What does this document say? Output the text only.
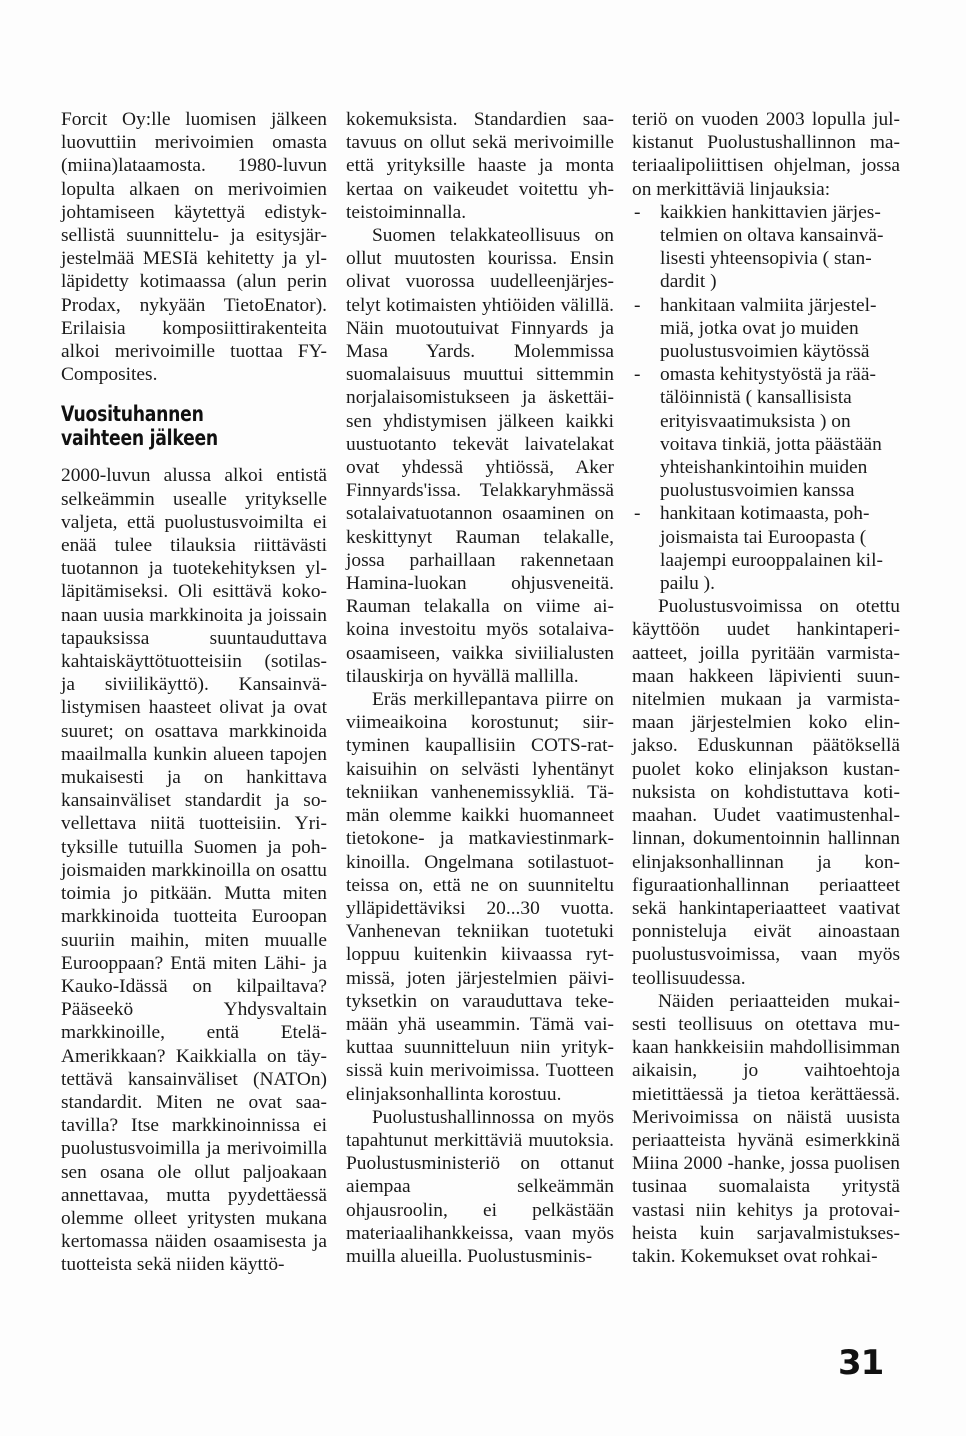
Forcit Oy:lle luomisen jälkeen luovuttiin merivoimien omasta (miina)lataamosta. 1980-luvun lopulta alkaen on merivoimien johtamiseen käytettyä edistyksellistä suunnittelu- ja esitysjärjestelmää MESIä kehitetty ja ylläpidetty kotimaassa (alun perin Prodax, nykyään TietoEnator). Erilaisia komposiittirakenteita alkoi merivoimille tuottaa FY-Composites.

Vuosituhannen vaihteen jälkeen

2000-luvun alussa alkoi entistä selkeämmin usealle yritykselle valjeta, että puolustusvoimilta ei enää tulee tilauksia riittävästi tuotannon ja tuotekehityksen ylläpitämiseksi. Oli esittävä kokonaan uusia markkinoita ja joissain tapauksissa suuntauduttava kahtaiskäyttötuotteisiin (sotilas- ja siviilikäyttö). Kansainvälistymisen haasteet olivat ja ovat suuret; on osattava markkinoida maailmalla kunkin alueen tapojen mukaisesti ja on hankittava kansainväliset standardit ja sovellettava niitä tuotteisiin. Yrityksille tutuilla Suomen ja pohjoismaiden markkinoilla on osattu toimia jo pitkään. Mutta miten markkinoida tuotteita Euroopan suuriin maihin, miten muualle Eurooppaan? Entä miten Lähi- ja Kauko-Idässä on kilpailtava? Pääseekö Yhdysvaltain markkinoille, entä Etelä-Amerikkaan? Kaikkialla on täytettävä kansainväliset (NATOn) standardit. Miten ne ovat saatavilla? Itse markkinoinnissa ei puolustusvoimilla ja merivoimilla sen osana ole ollut paljoakaan annettavaa, mutta pyydettäessä olemme olleet yritysten mukana kertomassa näiden osaamisesta ja tuotteista sekä niiden käyttö-

kokemuksista. Standardien saatavuus on ollut sekä merivoimille että yrityksille haaste ja monta kertaa on vaikeudet voitettu yhteistoiminnalla.

Suomen telakkateollisuus on ollut muutosten kourissa. Ensin olivat vuorossa uudelleenjärjestelyt kotimaisten yhtiöiden välillä. Näin muotoutuivat Finnyards ja Masa Yards. Molemmissa suomalaisuus muuttui sittemmin norjalaisomistukseen ja äskettäisen yhdistymisen jälkeen kaikki uustuotanto tekevät laivatelakat ovat yhdessä yhtiössä, Aker Finnyards'issa. Telakkaryhmässä sotalaivatuotannon osaaminen on keskittynyt Rauman telakalle, jossa parhaillaan rakennetaan Hamina-luokan ohjusveneitä. Rauman telakalla on viime aikoina investoitu myös sotalaivaosaamiseen, vaikka siviilialusten tilauskirja on hyvällä mallilla.

Eräs merkillepantava piirre on viimeaikoina korostunut; siirtyminen kaupallisiin COTS-ratkaisuihin on selvästi lyhentänyt tekniikan vanhenemissykliä. Tämän olemme kaikki huomanneet tietokone- ja matkaviestinmarkkinoilla. Ongelmana sotilastuotteissa on, että ne on suunniteltu ylläpidettäviksi 20...30 vuotta. Vanhenevan tekniikan tuotetuki loppuu kuitenkin kiivaassa rytmissä, joten järjestelmien päivityksetkin on varauduttava tekemään yhä useammin. Tämä vaikuttaa suunnitteluun niin yrityksissä kuin merivoimissa. Tuotteen elinjaksonhallinta korostuu.

Puolustushallinnossa on myös tapahtunut merkittäviä muutoksia. Puolustusministeriö on ottanut aiempaa selkeämmän ohjausroolin, ei pelkästään materiaalihankkeissa, vaan myös muilla alueilla. Puolustusminis-

teriö on vuoden 2003 lopulla julkistanut Puolustushallinnon materiaalipoliittisen ohjelman, jossa on merkittäviä linjauksia:

- kaikkien hankittavien järjestelmien on oltava kansainvälisesti yhteensopivia ( standardit )
- hankitaan valmiita järjestelmiä, jotka ovat jo muiden puolustusvoimien käytössä
- omasta kehitystyöstä ja räätälöinnistä ( kansallisista erityisvaatimuksista ) on voitava tinkiä, jotta päästään yhteishankintoihin muiden puolustusvoimien kanssa
- hankitaan kotimaasta, pohjoismaista tai Euroopasta ( laajempi eurooppalainen kilpailu ).

Puolustusvoimissa on otettu käyttöön uudet hankintaperiaatteet, joilla pyritään varmistamaan hakkeen läpivienti suunnitelmien mukaan ja varmistamaan järjestelmien koko elinjakso. Eduskunnan päätöksellä puolet koko elinjakson kustannuksista on kohdistuttava kotimaahan. Uudet vaatimustenhallinnan, dokumentoinnin hallinnan elinjaksonhallinnan ja konfiguraationhallinnan periaatteet sekä hankintaperiaatteet vaativat ponnisteluja eivät ainoastaan puolustusvoimissa, vaan myös teollisuudessa.

Näiden periaatteiden mukaisesti teollisuus on otettava mukaan hankkeisiin mahdollisimman aikaisin, jo vaihtoehtoja mietittäessä ja tietoa kerättäessä. Merivoimissa on näistä uusista periaatteista hyvänä esimerkkinä Miina 2000 -hanke, jossa puolisen tusinaa suomalaista yritystä vastasi niin kehitys ja protovaiheista kuin sarjavalmistuksestakin. Kokemukset ovat rohkai-

31
